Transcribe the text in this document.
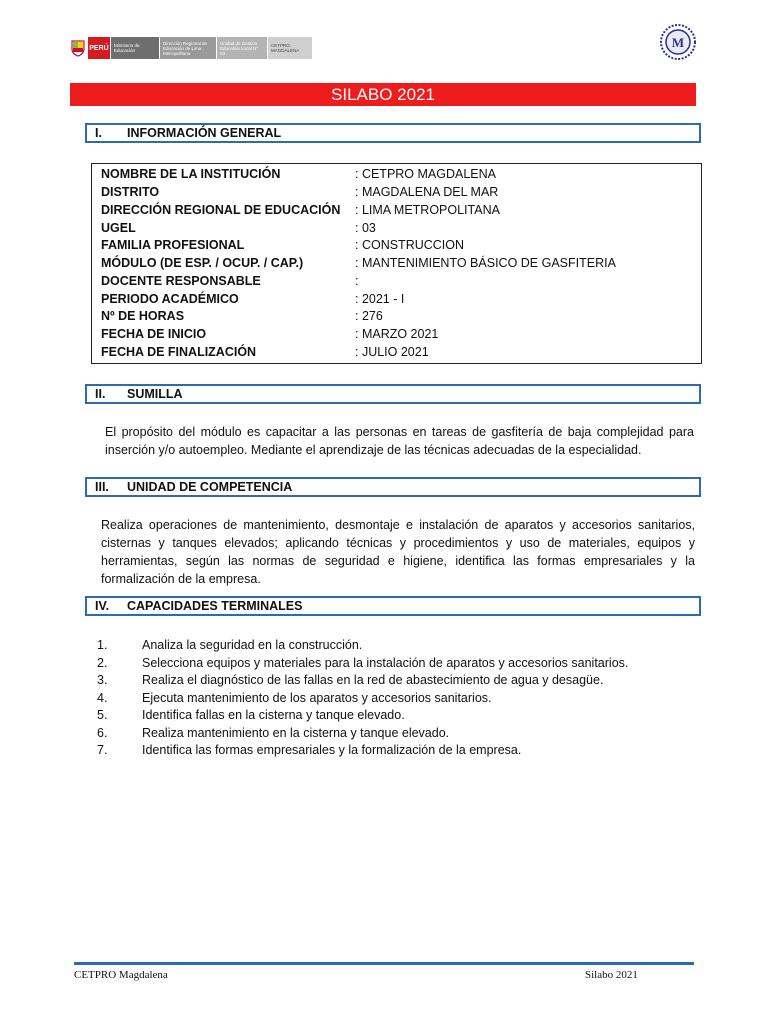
PERÚ	Ministerio de Educación
Dirección Regional de Educación de Lima Metropolitana
Unidad de Gestión Educativa Local N° 03
CETPRO MAGDALENA
M
SILABO 2021
I. INFORMACIÓN GENERAL
NOMBRE DE LA INSTITUCIÓN	: CETPRO MAGDALENA
DISTRITO	: MAGDALENA DEL MAR
DIRECCIÓN REGIONAL DE EDUCACIÓN : LIMA METROPOLITANA
UGEL	: 03
FAMILIA PROFESIONAL	: CONSTRUCCION
MÓDULO (DE ESP. / OCUP. / CAP.)	: MANTENIMIENTO BÁSICO DE GASFITERIA
DOCENTE RESPONSABLE	:
PERIODO ACADÉMICO	: 2021 - I
Nº DE HORAS	: 276
FECHA DE INICIO	: MARZO 2021
FECHA DE FINALIZACIÓN	: JULIO 2021
II. SUMILLA
El propósito del módulo es capacitar a las personas en tareas de gasfitería de baja complejidad para inserción y/o autoempleo. Mediante el aprendizaje de las técnicas adecuadas de la especialidad.
III. UNIDAD DE COMPETENCIA
Realiza operaciones de mantenimiento, desmontaje e instalación de aparatos y accesorios sanitarios, cisternas y tanques elevados; aplicando técnicas y procedimientos y uso de materiales, equipos y herramientas, según las normas de seguridad e higiene, identifica las formas empresariales y la formalización de la empresa.
IV. CAPACIDADES TERMINALES
1.	Analiza la seguridad en la construcción.
2.	Selecciona equipos y materiales para la instalación de aparatos y accesorios sanitarios.
3.	Realiza el diagnóstico de las fallas en la red de abastecimiento de agua y desagüe.
4.	Ejecuta mantenimiento de los aparatos y accesorios sanitarios.
5.	Identifica fallas en la cisterna y tanque elevado.
6.	Realiza mantenimiento en la cisterna y tanque elevado.
7.	Identifica las formas empresariales y la formalización de la empresa.
CETPRO Magdalena	Silabo 2021
